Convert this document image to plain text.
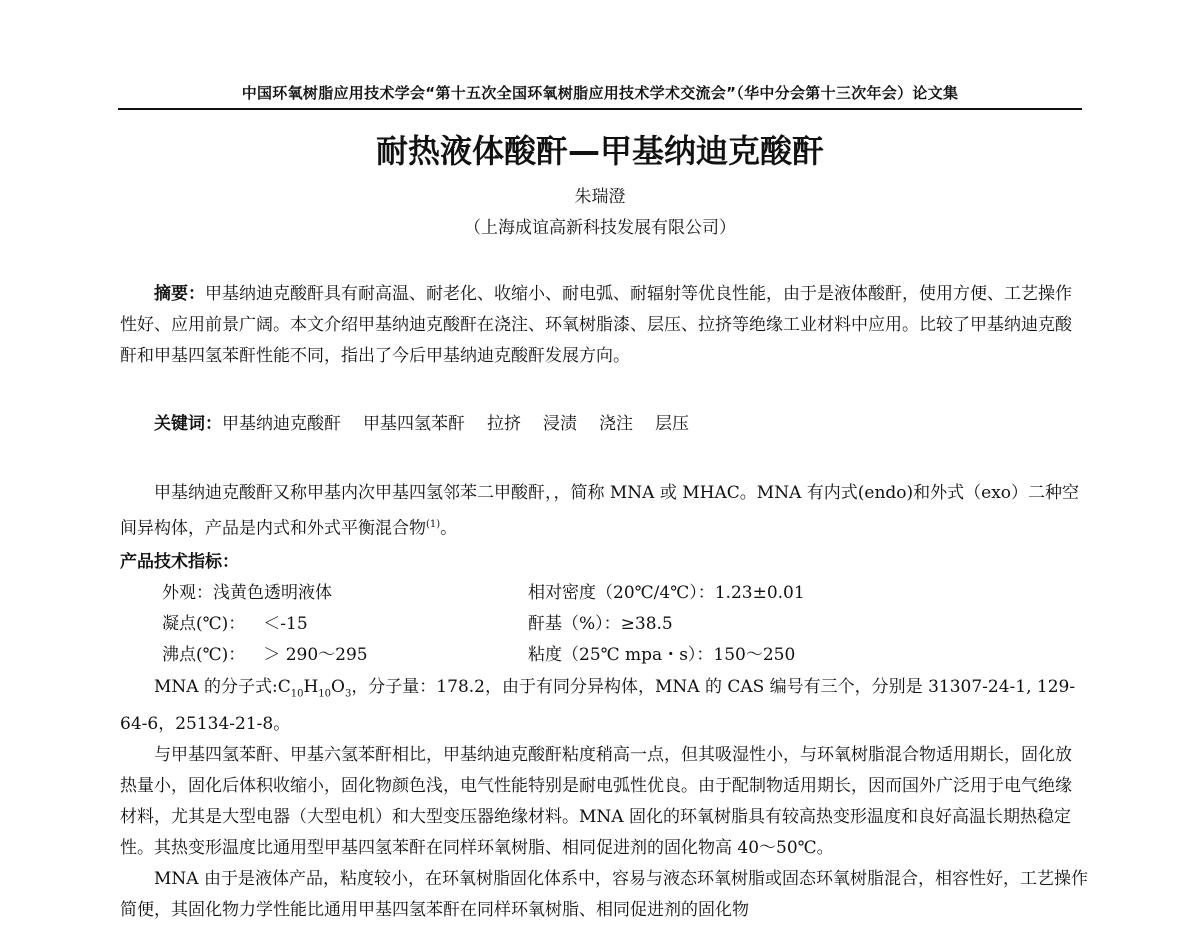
中国环氧树脂应用技术学会“第十五次全国环氧树脂应用技术学术交流会”（华中分会第十三次年会）论文集
耐热液体酸酐—甲基纳迪克酸酐
朱瑞澄
（上海成谊高新科技发展有限公司）
摘要：甲基纳迪克酸酐具有耐高温、耐老化、收缩小、耐电弧、耐辐射等优良性能，由于是液体酸酐，使用方便、工艺操作性好、应用前景广阔。本文介绍甲基纳迪克酸酐在浇注、环氧树脂漆、层压、拉挤等绝缘工业材料中应用。比较了甲基纳迪克酸酐和甲基四氢苯酐性能不同，指出了今后甲基纳迪克酸酐发展方向。
关键词：甲基纳迪克酸酐 甲基四氢苯酐 拉挤 浸渍 浇注 层压
甲基纳迪克酸酐又称甲基内次甲基四氢邻苯二甲酸酐，，简称 MNA 或 MHAC。MNA 有内式(endo)和外式（exo）二种空间异构体，产品是内式和外式平衡混合物$^{(1)}$。
产品技术指标：
外观：浅黄色透明液体	相对密度（20℃/4℃）：1.23±0.01
凝点(℃)： ＜-15	酐基（%）：≥38.5
沸点(℃)： ＞ 290～295	粘度（25℃ mpa・s）：150～250
MNA 的分子式$:C_{10}H_{10}O_3$，分子量：178.2，由于有同分异构体，MNA 的 CAS 编号有三个，分别是 31307-24-1, 129-64-6，25134-21-8。
与甲基四氢苯酐、甲基六氢苯酐相比，甲基纳迪克酸酐粘度稍高一点，但其吸湿性小，与环氧树脂混合物适用期长，固化放热量小，固化后体积收缩小，固化物颜色浅，电气性能特别是耐电弧性优良。由于配制物适用期长，因而国外广泛用于电气绝缘材料，尤其是大型电器（大型电机）和大型变压器绝缘材料。MNA 固化的环氧树脂具有较高热变形温度和良好高温长期热稳定性。其热变形温度比通用型甲基四氢苯酐在同样环氧树脂、相同促进剂的固化物高 40～50℃。
MNA 由于是液体产品，粘度较小，在环氧树脂固化体系中，容易与液态环氧树脂或固态环氧树脂混合，相容性好，工艺操作简便，其固化物力学性能比通用甲基四氢苯酐在同样环氧树脂、相同促进剂的固化物
